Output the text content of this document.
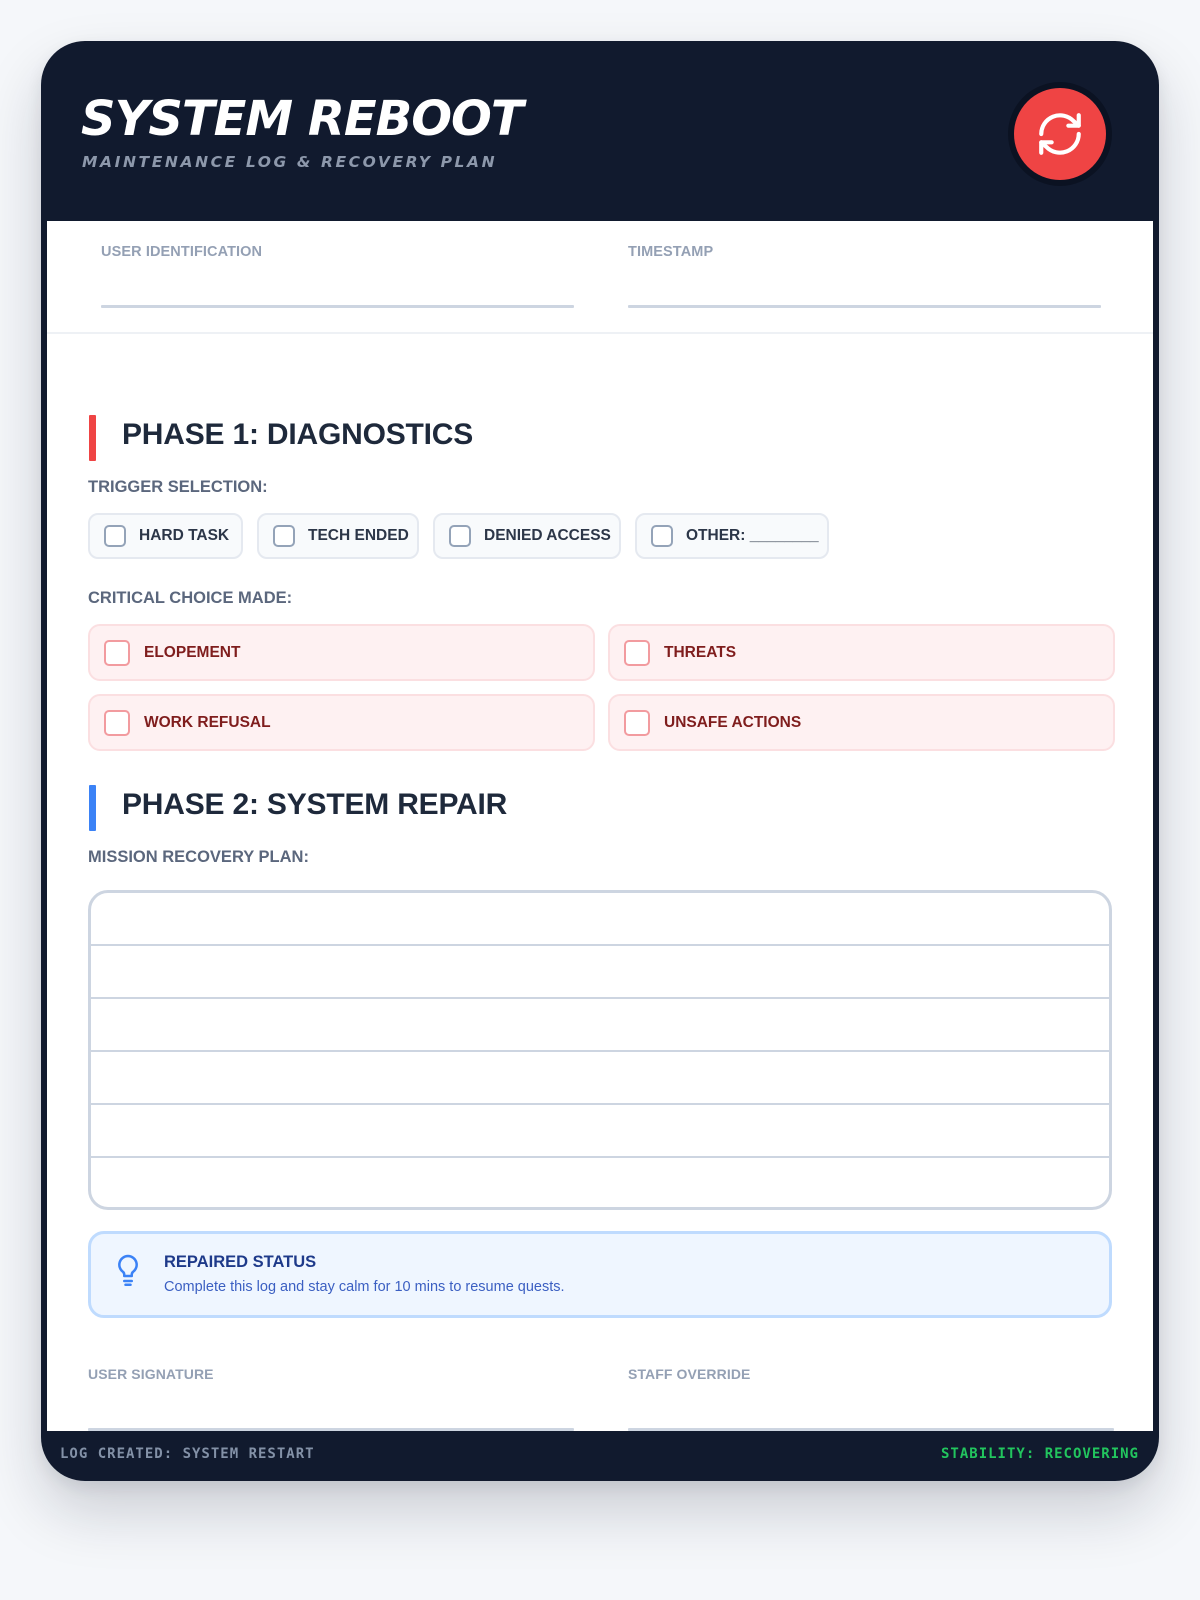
SYSTEM REBOOT
MAINTENANCE LOG & RECOVERY PLAN
USER IDENTIFICATION	TIMESTAMP
PHASE 1: DIAGNOSTICS
TRIGGER SELECTION:
HARD TASK	TECH ENDED	DENIED ACCESS	OTHER: ________
CRITICAL CHOICE MADE:
ELOPEMENT	THREATS
WORK REFUSAL	UNSAFE ACTIONS
PHASE 2: SYSTEM REPAIR
MISSION RECOVERY PLAN:
REPAIRED STATUS
Complete this log and stay calm for 10 mins to resume quests.
USER SIGNATURE	STAFF OVERRIDE
LOG CREATED: SYSTEM RESTART	STABILITY: RECOVERING
